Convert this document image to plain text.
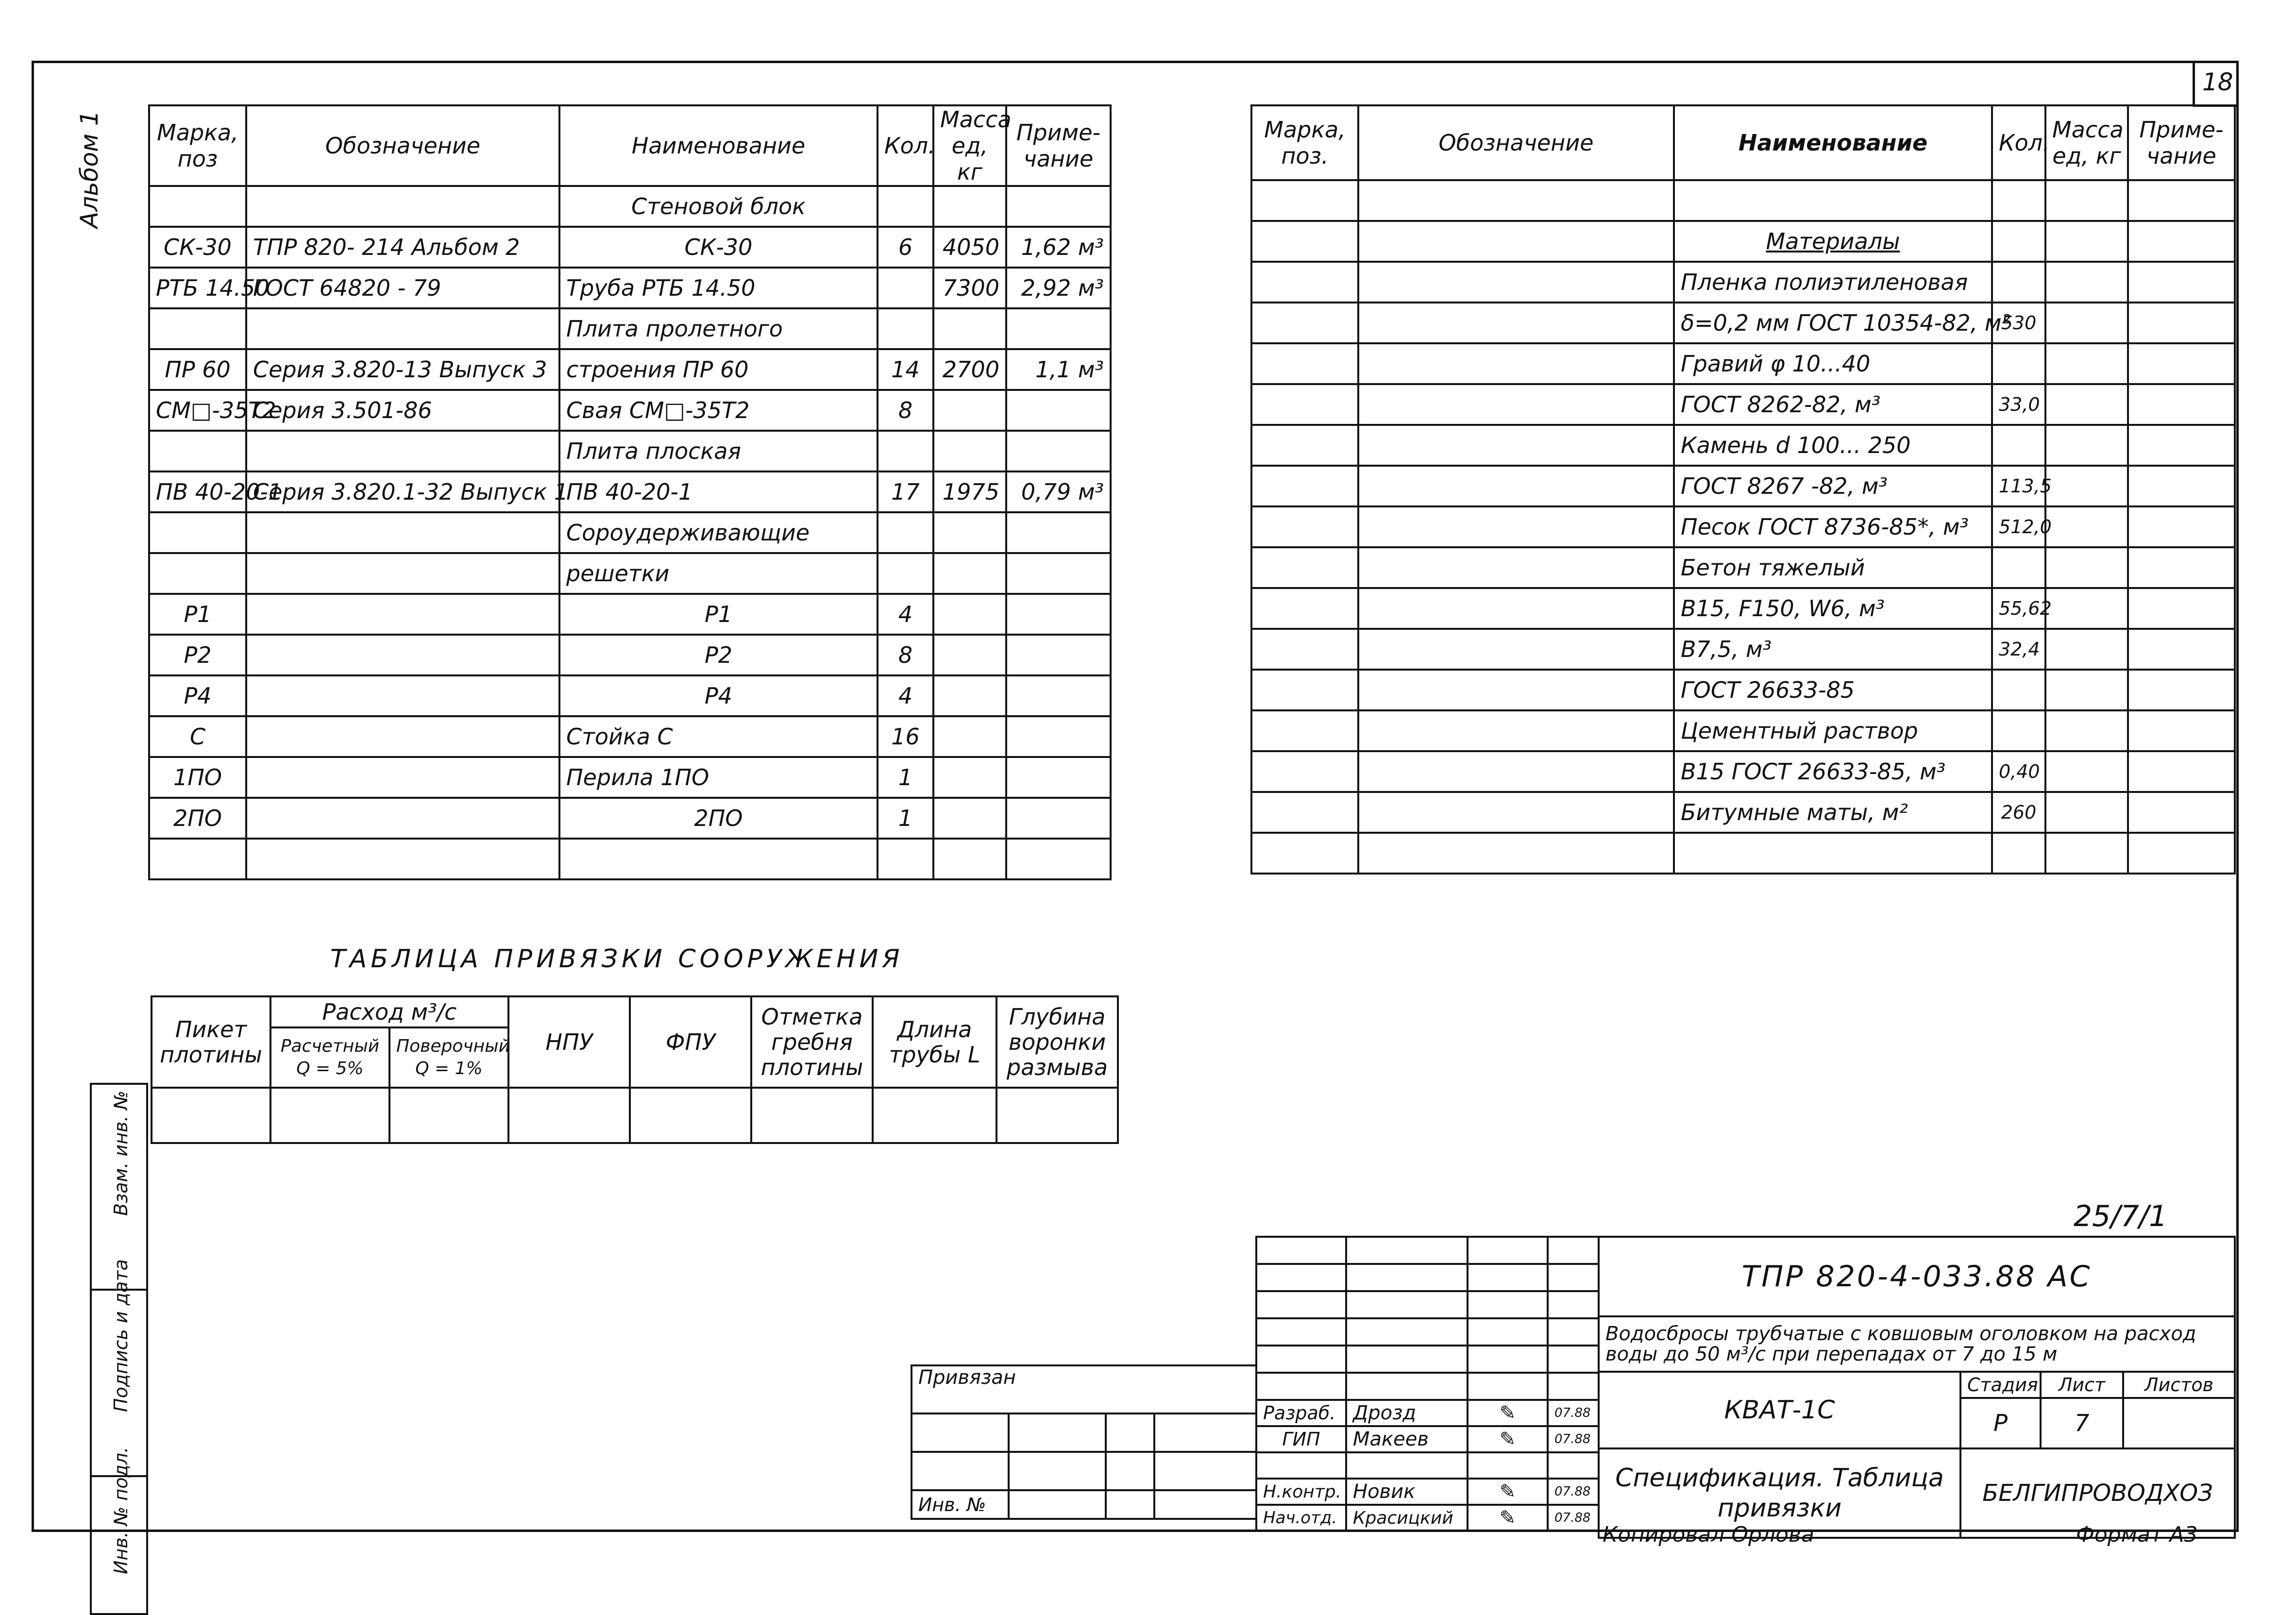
18
Альбом 1 Марка, поз	Обозначение	Наименование	Кол.	Масса ед, кг	Приме-чание
		Стеновой блок			
СК-30	ТПР 820- 214 Альбом 2	СК-30	6	4050	1,62 м³
РТБ 14.50	ГОСТ 64820 - 79	Труба РТБ 14.50		7300	2,92 м³
		Плита пролетного			
ПР 60	Серия 3.820-13 Выпуск 3	строения ПР 60	14	2700	1,1 м³
СМ□-35Т2	Серия 3.501-86	Свая СМ□-35Т2	8		
		Плита плоская			
ПВ 40-20-1	Серия 3.820.1-32 Выпуск 1	ПВ 40-20-1	17	1975	0,79 м³
		Сороудерживающие			
		решетки			
Р1		Р1	4		
Р2		Р2	8		
Р4		Р4	4		
С		Стойка С	16		
1ПО		Перила 1ПО	1		
2ПО		2ПО	1		

Марка, поз.	Обозначение	Наименование	Кол.	Масса ед, кг	Приме-чание

		Материалы			
		Пленка полиэтиленовая			
		δ=0,2 мм ГОСТ 10354-82, м²	530		
		Гравий φ 10...40			
		ГОСТ 8262-82, м³	33,0		
		Камень d 100... 250			
		ГОСТ 8267 -82, м³	113,5		
		Песок ГОСТ 8736-85*, м³	512,0		
		Бетон тяжелый			
		В15, F150, W6, м³	55,62		
		В7,5, м³	32,4		
		ГОСТ 26633-85			
		Цементный раствор			
		В15 ГОСТ 26633-85, м³	0,40		
		Битумные маты, м²	260		

ТАБЛИЦА ПРИВЯЗКИ СООРУЖЕНИЯ
Пикет плотины	Расход м³/с		НПУ	ФПУ	Отметка гребня плотины	Длина трубы L	Глубина воронки размыва
	Расчетный Q = 5%	Поверочный Q = 1%					

Взам. инв. №

Подпись и дата

Инв. № подл.
25/7/1
Привязан			

Инв. №			

Разраб.	Дрозд	✎	07.88
ГИП	Макеев	✎	07.88

Н.контр.	Новик	✎	07.88
Нач.отд.	Красицкий	✎	07.88
ТПР 820-4-033.88 АС			
Водосбросы трубчатые с ковшовым оголовком на расход воды до 50 м³/с при перепадах от 7 до 15 м			
КВАТ-1С	Стадия	Лист	Листов
	Р	7	
Спецификация. Таблица привязки	БЕЛГИПРОВОДХОЗ		
Копировал Орлова	Формат А3
